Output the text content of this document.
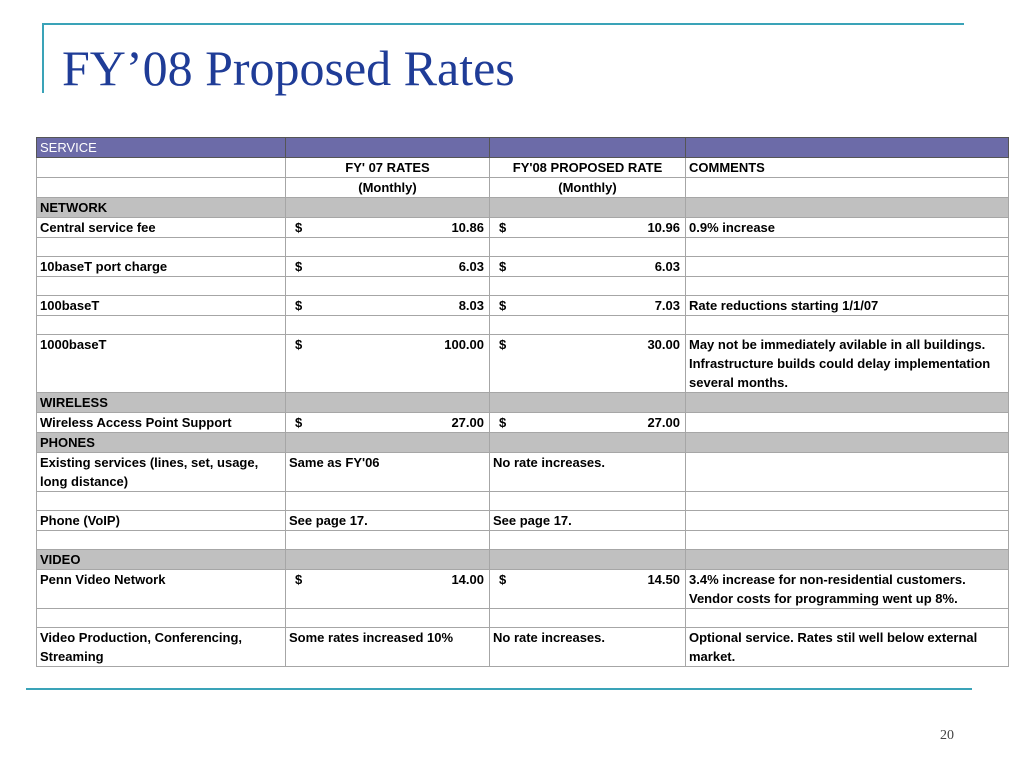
FY’08 Proposed Rates
SERVICE			
	FY' 07 RATES	FY'08 PROPOSED RATE	COMMENTS
	(Monthly)	(Monthly)	
NETWORK			
Central service fee	$ 10.86	$ 10.96	0.9% increase

10baseT port charge	$ 6.03	$ 6.03	

100baseT	$ 8.03	$ 7.03	Rate reductions starting 1/1/07

1000baseT	$ 100.00	$ 30.00	May not be immediately avilable in all buildings. Infrastructure builds could delay implementation several months.
WIRELESS			
Wireless Access Point Support	$ 27.00	$ 27.00	

PHONES			
Existing services (lines, set, usage, long distance)	Same as FY'06	No rate increases.	

Phone (VoIP)	See page 17.	See page 17.	

VIDEO			
Penn Video Network	$ 14.00	$ 14.50	3.4% increase for non-residential customers. Vendor costs for programming went up 8%.

Video Production, Conferencing, Streaming	Some rates increased 10%	No rate increases.	Optional service. Rates stil well below external market.
20
